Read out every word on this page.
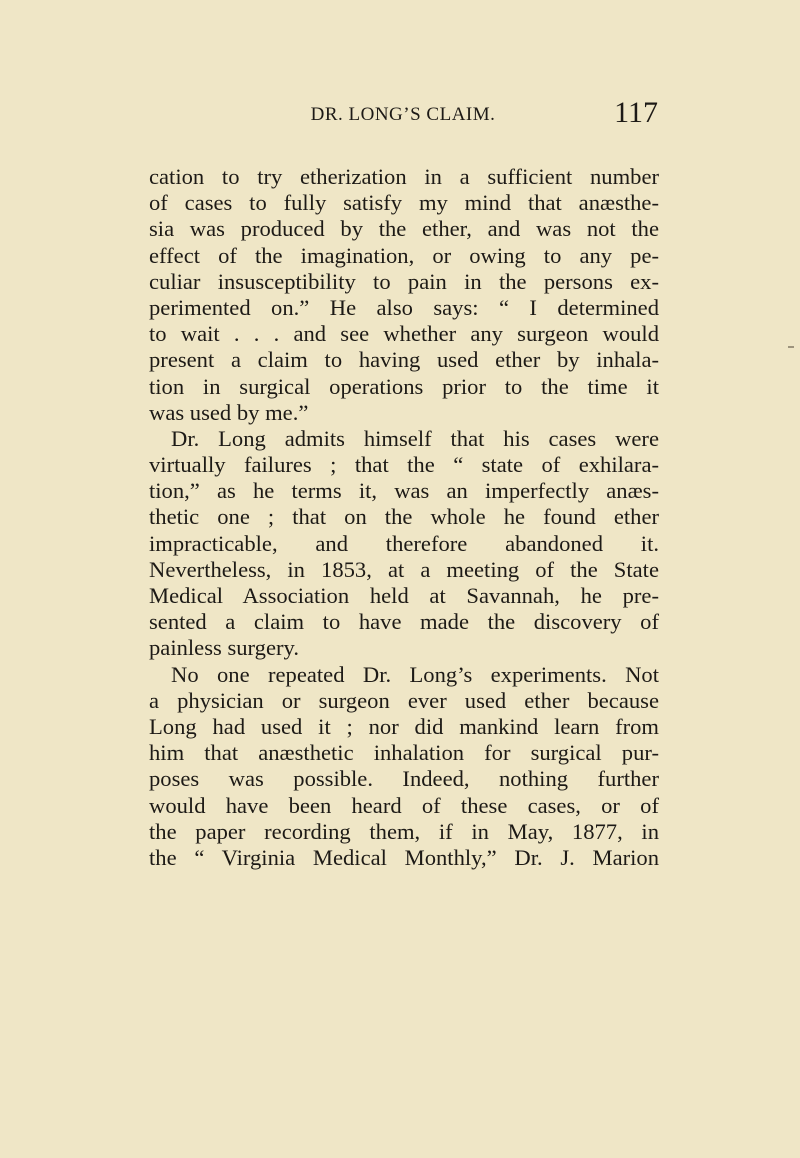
DR. LONG’S CLAIM.	117
cation to try etherization in a sufficient number
of cases to fully satisfy my mind that anæsthe-
sia was produced by the ether, and was not the
effect of the imagination, or owing to any pe-
culiar insusceptibility to pain in the persons ex-
perimented on.” He also says: “ I determined
to wait . . . and see whether any surgeon would
present a claim to having used ether by inhala-
tion in surgical operations prior to the time it
was used by me.”
Dr. Long admits himself that his cases were
virtually failures ; that the “ state of exhilara-
tion,” as he terms it, was an imperfectly anæs-
thetic one ; that on the whole he found ether
impracticable, and therefore abandoned it.
Nevertheless, in 1853, at a meeting of the State
Medical Association held at Savannah, he pre-
sented a claim to have made the discovery of
painless surgery.
No one repeated Dr. Long’s experiments. Not
a physician or surgeon ever used ether because
Long had used it ; nor did mankind learn from
him that anæsthetic inhalation for surgical pur-
poses was possible. Indeed, nothing further
would have been heard of these cases, or of
the paper recording them, if in May, 1877, in
the “ Virginia Medical Monthly,” Dr. J. Marion
